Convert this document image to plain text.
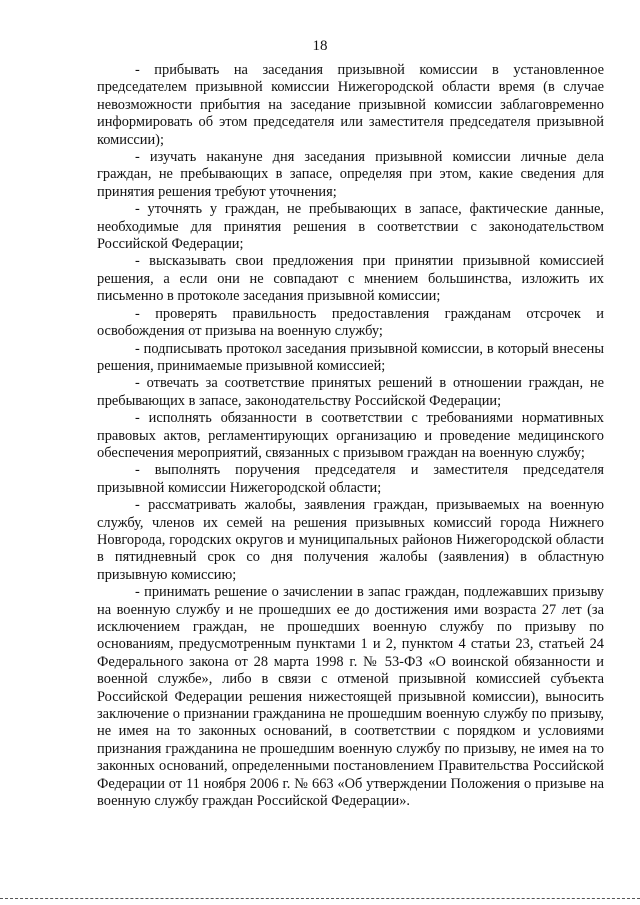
18

- прибывать на заседания призывной комиссии в установленное председателем призывной комиссии Нижегородской области время (в случае невозможности прибытия на заседание призывной комиссии заблаговременно информировать об этом председателя или заместителя председателя призывной комиссии);

- изучать накануне дня заседания призывной комиссии личные дела граждан, не пребывающих в запасе, определяя при этом, какие сведения для принятия решения требуют уточнения;

- уточнять у граждан, не пребывающих в запасе, фактические данные, необходимые для принятия решения в соответствии с законодательством Российской Федерации;

- высказывать свои предложения при принятии призывной комиссией решения, а если они не совпадают с мнением большинства, изложить их письменно в протоколе заседания призывной комиссии;

- проверять правильность предоставления гражданам отсрочек и освобождения от призыва на военную службу;

- подписывать протокол заседания призывной комиссии, в который внесены решения, принимаемые призывной комиссией;

- отвечать за соответствие принятых решений в отношении граждан, не пребывающих в запасе, законодательству Российской Федерации;

- исполнять обязанности в соответствии с требованиями нормативных правовых актов, регламентирующих организацию и проведение медицинского обеспечения мероприятий, связанных с призывом граждан на военную службу;

- выполнять поручения председателя и заместителя председателя призывной комиссии Нижегородской области;

- рассматривать жалобы, заявления граждан, призываемых на военную службу, членов их семей на решения призывных комиссий города Нижнего Новгорода, городских округов и муниципальных районов Нижегородской области в пятидневный срок со дня получения жалобы (заявления) в областную призывную комиссию;

- принимать решение о зачислении в запас граждан, подлежавших призыву на военную службу и не прошедших ее до достижения ими возраста 27 лет (за исключением граждан, не прошедших военную службу по призыву по основаниям, предусмотренным пунктами 1 и 2, пунктом 4 статьи 23, статьей 24 Федерального закона от 28 марта 1998 г. № 53-ФЗ «О воинской обязанности и военной службе», либо в связи с отменой призывной комиссией субъекта Российской Федерации решения нижестоящей призывной комиссии), выносить заключение о признании гражданина не прошедшим военную службу по призыву, не имея на то законных оснований, в соответствии с порядком и условиями признания гражданина не прошедшим военную службу по призыву, не имея на то законных оснований, определенными постановлением Правительства Российской Федерации от 11 ноября 2006 г. № 663 «Об утверждении Положения о призыве на военную службу граждан Российской Федерации».
